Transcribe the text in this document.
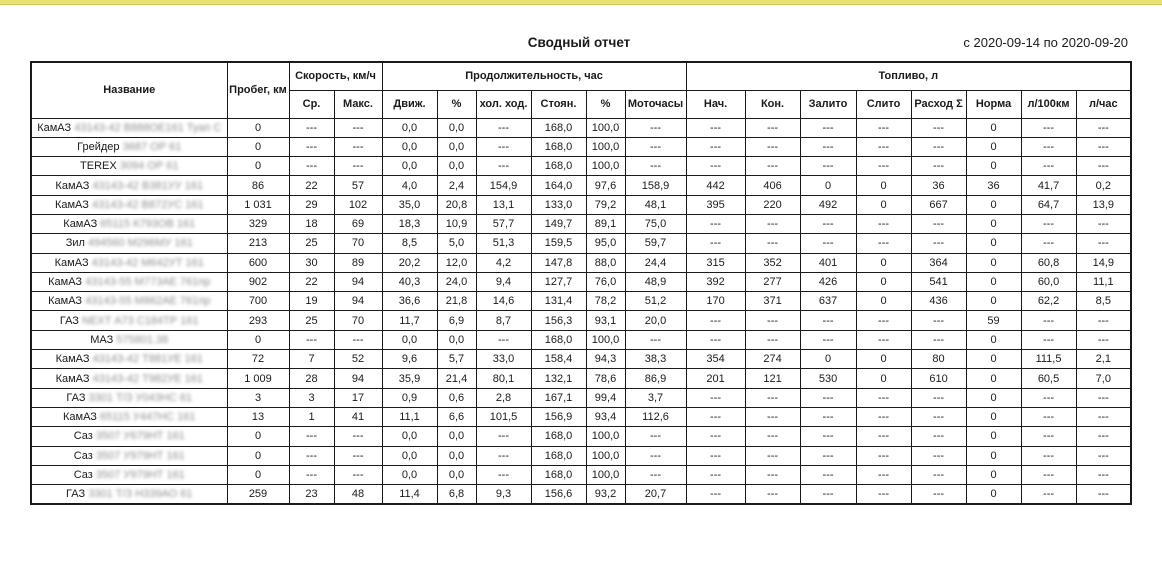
Сводный отчет	с 2020-09-14 по 2020-09-20
Название	Пробег, км	Скорость, км/ч		Продолжительность, час						Топливо, л							
		Ср.	Макс.	Движ.	%	хол. ход.	Стоян.	%	Моточасы	Нач.	Кон.	Залито	Слито	Расход Σ	Норма	л/100км	л/час
КамАЗ 43143-42 В888ОЕ161 Туап С	0	---	---	0,0	0,0	---	168,0	100,0	---	---	---	---	---	---	0	---	---
Грейдер 3687 ОР 61	0	---	---	0,0	0,0	---	168,0	100,0	---	---	---	---	---	---	0	---	---
TEREX 3094 ОР 61	0	---	---	0,0	0,0	---	168,0	100,0	---	---	---	---	---	---	0	---	---
КамАЗ 43143-42 В381УУ 161	86	22	57	4,0	2,4	154,9	164,0	97,6	158,9	442	406	0	0	36	36	41,7	0,2
КамАЗ 43143-42 В872УС 161	1 031	29	102	35,0	20,8	13,1	133,0	79,2	48,1	395	220	492	0	667	0	64,7	13,9
КамАЗ 65115 К793ОВ 161	329	18	69	18,3	10,9	57,7	149,7	89,1	75,0	---	---	---	---	---	0	---	---
Зил 494560 М296МУ 161	213	25	70	8,5	5,0	51,3	159,5	95,0	59,7	---	---	---	---	---	0	---	---
КамАЗ 43143-42 М642УТ 161	600	30	89	20,2	12,0	4,2	147,8	88,0	24,4	315	352	401	0	364	0	60,8	14,9
КамАЗ 43143-55 М773АЕ 761пр	902	22	94	40,3	24,0	9,4	127,7	76,0	48,9	392	277	426	0	541	0	60,0	11,1
КамАЗ 43143-55 М862АЕ 761пр	700	19	94	36,6	21,8	14,6	131,4	78,2	51,2	170	371	637	0	436	0	62,2	8,5
ГАЗ NEXT А73 С184ТР 161	293	25	70	11,7	6,9	8,7	156,3	93,1	20,0	---	---	---	---	---	59	---	---
МАЗ 575801.38	0	---	---	0,0	0,0	---	168,0	100,0	---	---	---	---	---	---	0	---	---
КамАЗ 43143-42 Т881УЕ 161	72	7	52	9,6	5,7	33,0	158,4	94,3	38,3	354	274	0	0	80	0	111,5	2,1
КамАЗ 43143-42 Т982УЕ 161	1 009	28	94	35,9	21,4	80,1	132,1	78,6	86,9	201	121	530	0	610	0	60,5	7,0
ГАЗ 3301 Т/З У043НС 61	3	3	17	0,9	0,6	2,8	167,1	99,4	3,7	---	---	---	---	---	0	---	---
КамАЗ 65115 У447НС 161	13	1	41	11,1	6,6	101,5	156,9	93,4	112,6	---	---	---	---	---	0	---	---
Саз 3507 У679НТ 161	0	---	---	0,0	0,0	---	168,0	100,0	---	---	---	---	---	---	0	---	---
Саз 3507 У979НТ 161	0	---	---	0,0	0,0	---	168,0	100,0	---	---	---	---	---	---	0	---	---
Саз 3507 У979НТ 161	0	---	---	0,0	0,0	---	168,0	100,0	---	---	---	---	---	---	0	---	---
ГАЗ 3301 Т/З Н339АО 61	259	23	48	11,4	6,8	9,3	156,6	93,2	20,7	---	---	---	---	---	0	---	---
